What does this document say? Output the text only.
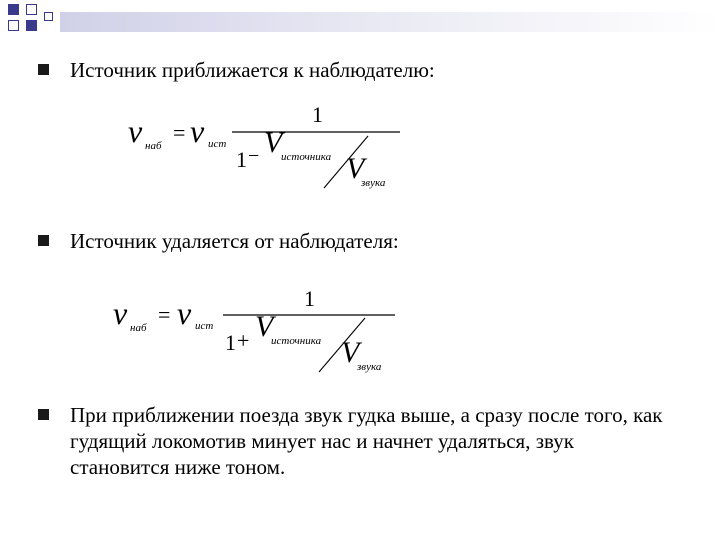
Источник приближается к наблюдателю:
ν наб
= ν ист
1
1 − V
источника V
звука
Источник удаляется от наблюдателя:
ν наб
= ν ист
1
1 + V
источника V
звука
При приближении поезда звук гудка выше, а сразу после того, как гудящий локомотив минует нас и начнет удаляться, звук становится ниже тоном.
